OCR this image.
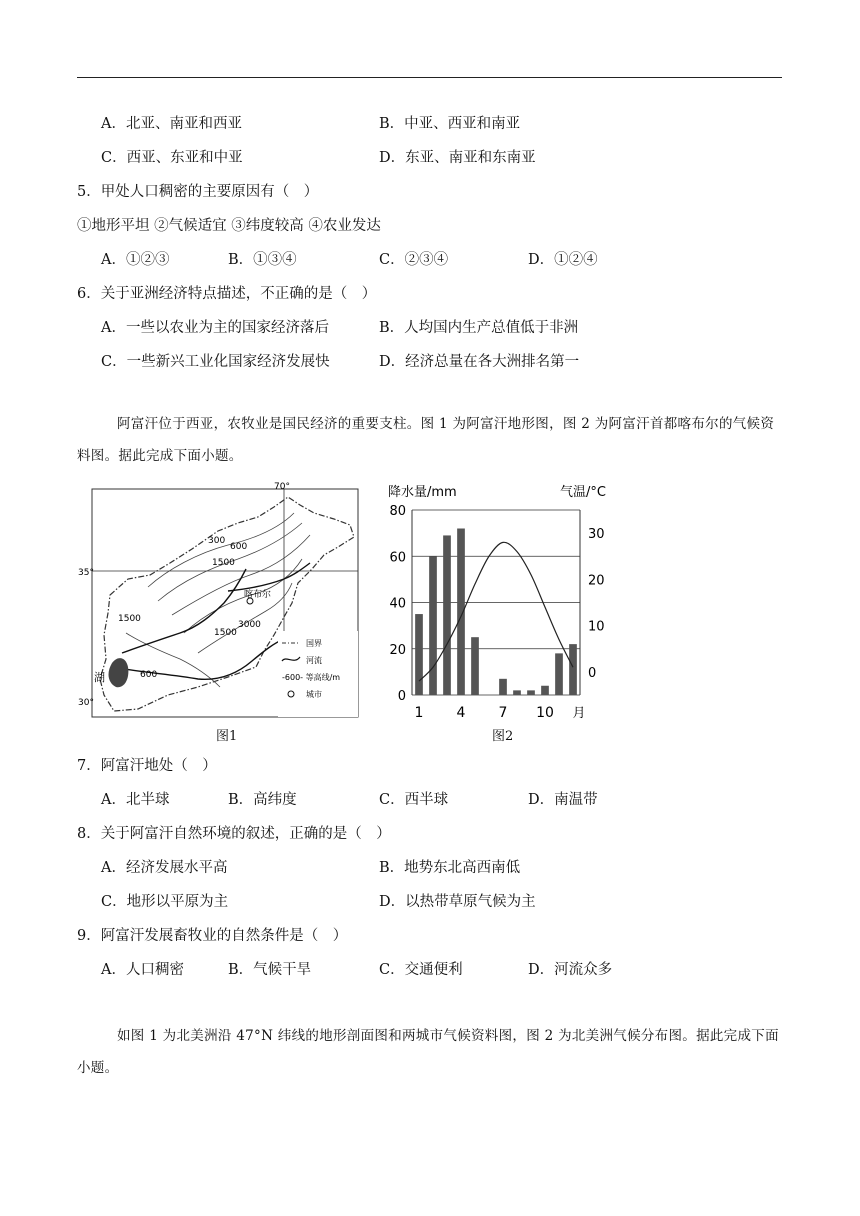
A．北亚、南亚和西亚	B．中亚、西亚和南亚
C．西亚、东亚和中亚	D．东亚、南亚和东南亚
5．甲处人口稠密的主要原因有（　）
①地形平坦 ②气候适宜 ③纬度较高 ④农业发达
A．①②③	B．①③④	C．②③④	D．①②④
6．关于亚洲经济特点描述，不正确的是（　）
A．一些以农业为主的国家经济落后	B．人均国内生产总值低于非洲
C．一些新兴工业化国家经济发展快	D．经济总量在各大洲排名第一
阿富汗位于西亚，农牧业是国民经济的重要支柱。图 1 为阿富汗地形图，图 2 为阿富汗首都喀布尔的气候资料图。据此完成下面小题。
70°
35°
30°
300
600
1500
1500
3000
1500
600
喀布尔
湖
国界
河流
-600- 等高线/m
城市
图1
0
20
40
60
80
0
10
20
30
1 4 7 10 月
降水量/mm	气温/°C
图2
7．阿富汗地处（　）
A．北半球	B．高纬度	C．西半球	D．南温带
8．关于阿富汗自然环境的叙述，正确的是（　）
A．经济发展水平高	B．地势东北高西南低
C．地形以平原为主	D．以热带草原气候为主
9．阿富汗发展畜牧业的自然条件是（　）
A．人口稠密	B．气候干旱	C．交通便利	D．河流众多
如图 1 为北美洲沿 47°N 纬线的地形剖面图和两城市气候资料图，图 2 为北美洲气候分布图。据此完成下面小题。
